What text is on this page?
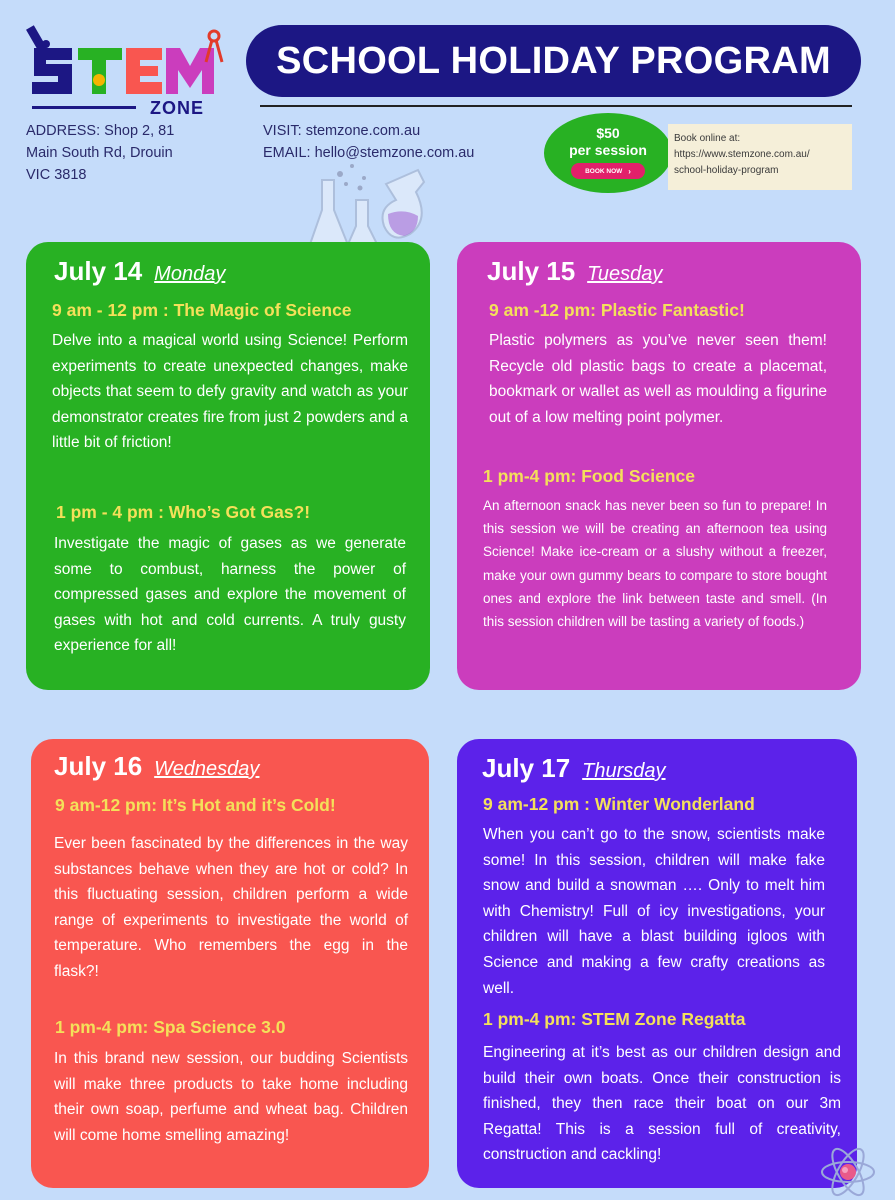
ZONE
ADDRESS: Shop 2, 81
Main South Rd, Drouin
VIC 3818
SCHOOL HOLIDAY PROGRAM
VISIT: stemzone.com.au
EMAIL: hello@stemzone.com.au
$50
per session
BOOK NOW ›
Book online at:
https://www.stemzone.com.au/
school-holiday-program
July 14 Monday
9 am - 12 pm : The Magic of Science
Delve into a magical world using Science! Perform experiments to create unexpected changes, make objects that seem to defy gravity and watch as your demonstrator creates fire from just 2 powders and a little bit of friction!
1 pm - 4 pm : Who’s Got Gas?!
Investigate the magic of gases as we generate some to combust, harness the power of compressed gases and explore the movement of gases with hot and cold currents. A truly gusty experience for all!
July 15 Tuesday
9 am -12 pm: Plastic Fantastic!
Plastic polymers as you’ve never seen them! Recycle old plastic bags to create a placemat, bookmark or wallet as well as moulding a figurine out of a low melting point polymer.
1 pm-4 pm: Food Science
An afternoon snack has never been so fun to prepare! In this session we will be creating an afternoon tea using Science! Make ice-cream or a slushy without a freezer, make your own gummy bears to compare to store bought ones and explore the link between taste and smell. (In this session children will be tasting a variety of foods.)
July 16 Wednesday
9 am-12 pm: It’s Hot and it’s Cold!
Ever been fascinated by the differences in the way substances behave when they are hot or cold? In this fluctuating session, children perform a wide range of experiments to investigate the world of temperature. Who remembers the egg in the flask?!
1 pm-4 pm: Spa Science 3.0
In this brand new session, our budding Scientists will make three products to take home including their own soap, perfume and wheat bag. Children will come home smelling amazing!
July 17 Thursday
9 am-12 pm : Winter Wonderland
When you can’t go to the snow, scientists make some! In this session, children will make fake snow and build a snowman …. Only to melt him with Chemistry! Full of icy investigations, your children will have a blast building igloos with Science and making a few crafty creations as well.
1 pm-4 pm: STEM Zone Regatta
Engineering at it’s best as our children design and build their own boats. Once their construction is finished, they then race their boat on our 3m Regatta! This is a session full of creativity, construction and cackling!
